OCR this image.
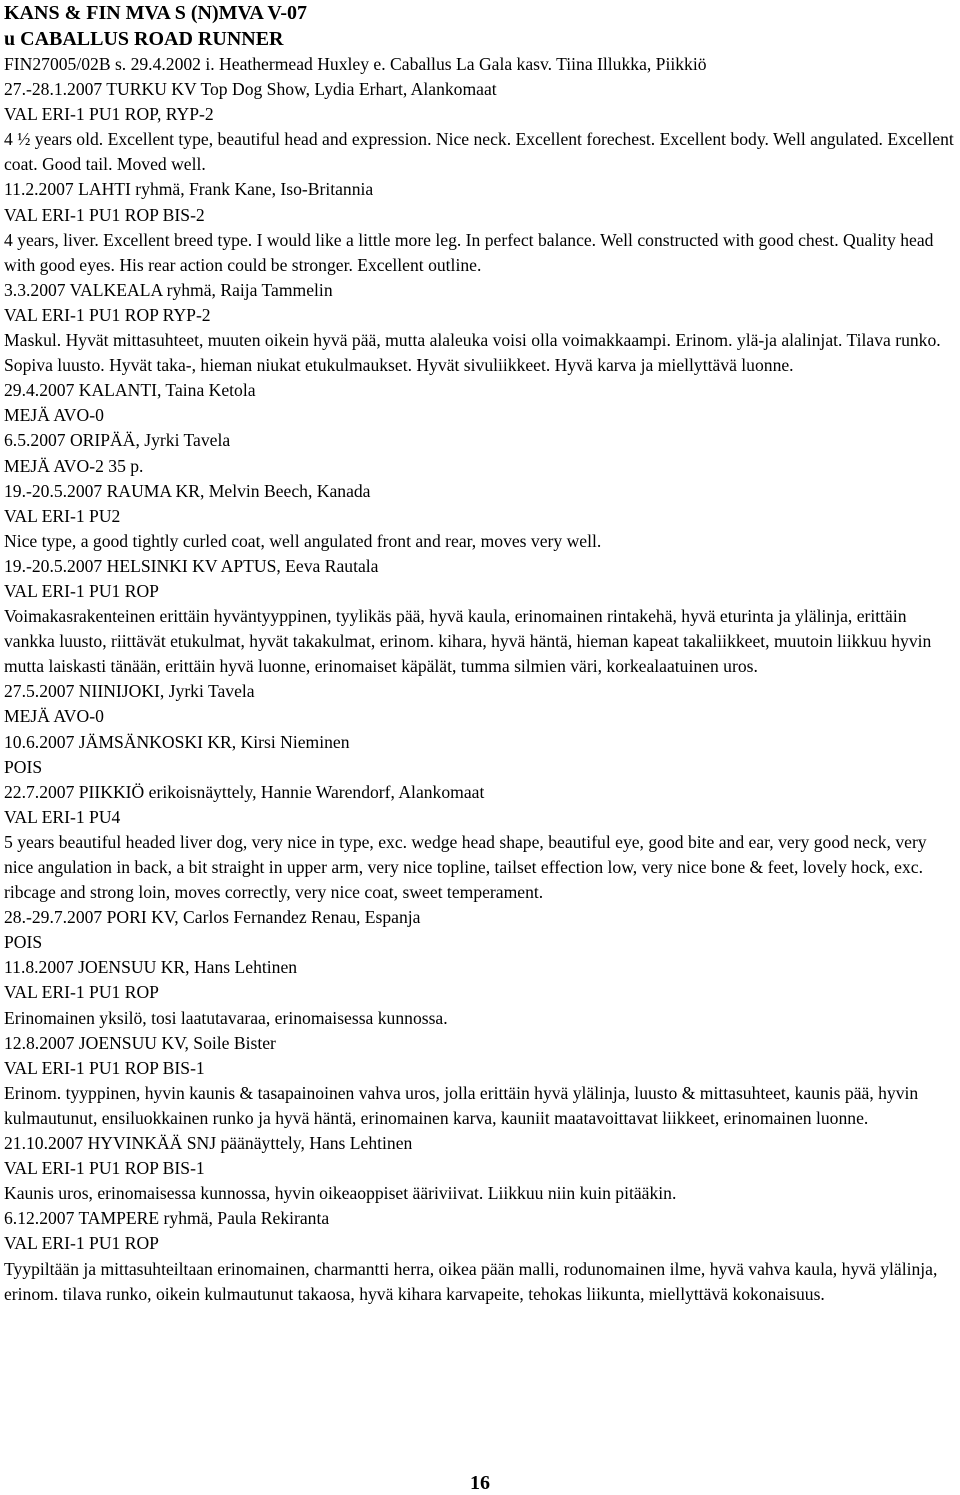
KANS & FIN MVA S (N)MVA V-07

u CABALLUS ROAD RUNNER

FIN27005/02B s. 29.4.2002 i. Heathermead Huxley e. Caballus La Gala kasv. Tiina Illukka, Piikkiö

27.-28.1.2007 TURKU KV Top Dog Show, Lydia Erhart, Alankomaat

VAL ERI-1 PU1 ROP, RYP-2

4 ½ years old. Excellent type, beautiful head and expression. Nice neck. Excellent forechest. Excellent body. Well angulated. Excellent coat. Good tail. Moved well.

11.2.2007 LAHTI ryhmä, Frank Kane, Iso-Britannia

VAL ERI-1 PU1 ROP BIS-2

4 years, liver. Excellent breed type. I would like a little more leg. In perfect balance. Well constructed with good chest. Quality head with good eyes. His rear action could be stronger. Excellent outline.

3.3.2007 VALKEALA ryhmä, Raija Tammelin

VAL ERI-1 PU1 ROP RYP-2

Maskul. Hyvät mittasuhteet, muuten oikein hyvä pää, mutta alaleuka voisi olla voimakkaampi. Erinom. ylä-ja alalinjat. Tilava runko. Sopiva luusto. Hyvät taka-, hieman niukat etukulmaukset. Hyvät sivuliikkeet. Hyvä karva ja miellyttävä luonne.

29.4.2007 KALANTI, Taina Ketola

MEJÄ AVO-0

6.5.2007 ORIPÄÄ, Jyrki Tavela

MEJÄ AVO-2 35 p.

19.-20.5.2007 RAUMA KR, Melvin Beech, Kanada

VAL ERI-1 PU2

Nice type, a good tightly curled coat, well angulated front and rear, moves very well.

19.-20.5.2007 HELSINKI KV APTUS, Eeva Rautala

VAL ERI-1 PU1 ROP

Voimakasrakenteinen erittäin hyväntyyppinen, tyylikäs pää, hyvä kaula, erinomainen rintakehä, hyvä eturinta ja ylälinja, erittäin vankka luusto, riittävät etukulmat, hyvät takakulmat, erinom. kihara, hyvä häntä, hieman kapeat takaliikkeet, muutoin liikkuu hyvin mutta laiskasti tänään, erittäin hyvä luonne, erinomaiset käpälät, tumma silmien väri, korkealaatuinen uros.

27.5.2007 NIINIJOKI, Jyrki Tavela

MEJÄ AVO-0

10.6.2007 JÄMSÄNKOSKI KR, Kirsi Nieminen

POIS

22.7.2007 PIIKKIÖ erikoisnäyttely, Hannie Warendorf, Alankomaat

VAL ERI-1 PU4

5 years beautiful headed liver dog, very nice in type, exc. wedge head shape, beautiful eye, good bite and ear, very good neck, very nice angulation in back, a bit straight in upper arm, very nice topline, tailset effection low, very nice bone & feet, lovely hock, exc. ribcage and strong loin, moves correctly, very nice coat, sweet temperament.

28.-29.7.2007 PORI KV, Carlos Fernandez Renau, Espanja

POIS

11.8.2007 JOENSUU KR, Hans Lehtinen

VAL ERI-1 PU1 ROP

Erinomainen yksilö, tosi laatutavaraa, erinomaisessa kunnossa.

12.8.2007 JOENSUU KV, Soile Bister

VAL ERI-1 PU1 ROP BIS-1

Erinom. tyyppinen, hyvin kaunis & tasapainoinen vahva uros, jolla erittäin hyvä ylälinja, luusto & mittasuhteet, kaunis pää, hyvin kulmautunut, ensiluokkainen runko ja hyvä häntä, erinomainen karva, kauniit maatavoittavat liikkeet, erinomainen luonne.

21.10.2007 HYVINKÄÄ SNJ päänäyttely, Hans Lehtinen

VAL ERI-1 PU1 ROP BIS-1

Kaunis uros, erinomaisessa kunnossa, hyvin oikeaoppiset ääriviivat. Liikkuu niin kuin pitääkin.

6.12.2007 TAMPERE ryhmä, Paula Rekiranta

VAL ERI-1 PU1 ROP

Tyypiltään ja mittasuhteiltaan erinomainen, charmantti herra, oikea pään malli, rodunomainen ilme, hyvä vahva kaula, hyvä ylälinja, erinom. tilava runko, oikein kulmautunut takaosa, hyvä kihara karvapeite, tehokas liikunta, miellyttävä kokonaisuus.

16
